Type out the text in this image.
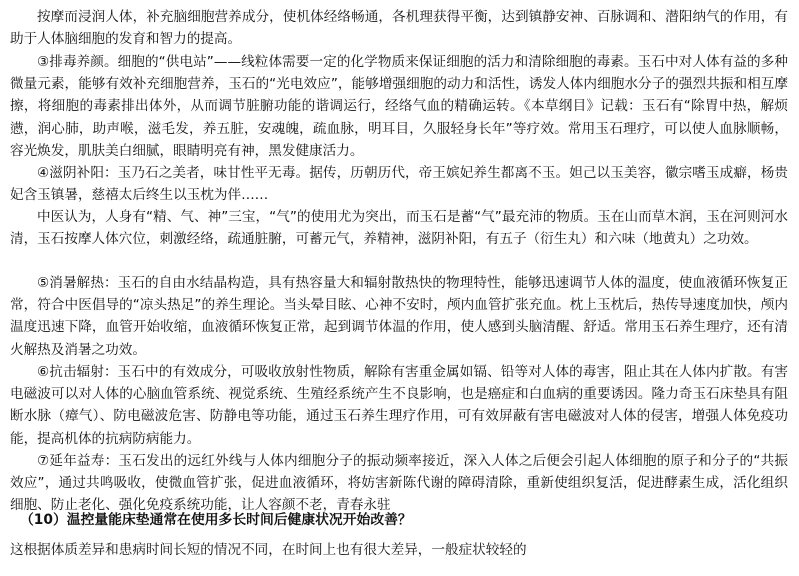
按摩而浸润人体，补充脑细胞营养成分，使机体经络畅通，各机理获得平衡，达到镇静安神、百脉调和、潜阳纳气的作用，有助于人体脑细胞的发育和智力的提高。

③排毒养颜。细胞的“供电站”——线粒体需要一定的化学物质来保证细胞的活力和清除细胞的毒素。玉石中对人体有益的多种微量元素，能够有效补充细胞营养，玉石的“光电效应”，能够增强细胞的动力和活性，诱发人体内细胞水分子的强烈共振和相互摩擦，将细胞的毒素排出体外，从而调节脏腑功能的谐调运行，经络气血的精确运转。《本草纲目》记载：玉石有“除胃中热，解烦懑，润心肺，助声喉，滋毛发，养五脏，安魂魄，疏血脉，明耳目，久服轻身长年”等疗效。常用玉石理疗，可以使人血脉顺畅，容光焕发，肌肤美白细腻，眼睛明亮有神，黑发健康活力。

④滋阴补阳：玉乃石之美者，味甘性平无毒。据传，历朝历代，帝王嫔妃养生都离不玉。妲己以玉美容，徽宗嗜玉成癖，杨贵妃含玉镇暑，慈禧太后终生以玉枕为伴……

中医认为，人身有“精、气、神”三宝，“气”的使用尤为突出，而玉石是蓄“气”最充沛的物质。玉在山而草木润，玉在河则河水清，玉石按摩人体穴位，刺激经络，疏通脏腑，可蓄元气，养精神，滋阴补阳，有五子（衍生丸）和六味（地黄丸）之功效。

⑤消暑解热：玉石的自由水结晶构造，具有热容量大和辐射散热快的物理特性，能够迅速调节人体的温度，使血液循环恢复正常，符合中医倡导的“凉头热足”的养生理论。当头晕目眩、心神不安时，颅内血管扩张充血。枕上玉枕后，热传导速度加快，颅内温度迅速下降，血管开始收缩，血液循环恢复正常，起到调节体温的作用，使人感到头脑清醒、舒适。常用玉石养生理疗，还有清火解热及消暑之功效。

⑥抗击辐射：玉石中的有效成分，可吸收放射性物质，解除有害重金属如镉、铅等对人体的毒害，阻止其在人体内扩散。有害电磁波可以对人体的心脑血管系统、视觉系统、生殖经系统产生不良影响，也是癌症和白血病的重要诱因。隆力奇玉石床垫具有阻断水脉（瘴气）、防电磁波危害、防静电等功能，通过玉石养生理疗作用，可有效屏蔽有害电磁波对人体的侵害，增强人体免疫功能，提高机体的抗病防病能力。

⑦延年益寿：玉石发出的远红外线与人体内细胞分子的振动频率接近，深入人体之后便会引起人体细胞的原子和分子的“共振效应”，通过共鸣吸收，使微血管扩张，促进血液循环，将妨害新陈代谢的障碍清除，重新使组织复活，促进酵素生成，活化组织细胞、防止老化、强化免疫系统功能，让人容颜不老，青春永驻

（10）温控量能床垫通常在使用多长时间后健康状况开始改善？

这根据体质差异和患病时间长短的情况不同，在时间上也有很大差异，一般症状较轻的
